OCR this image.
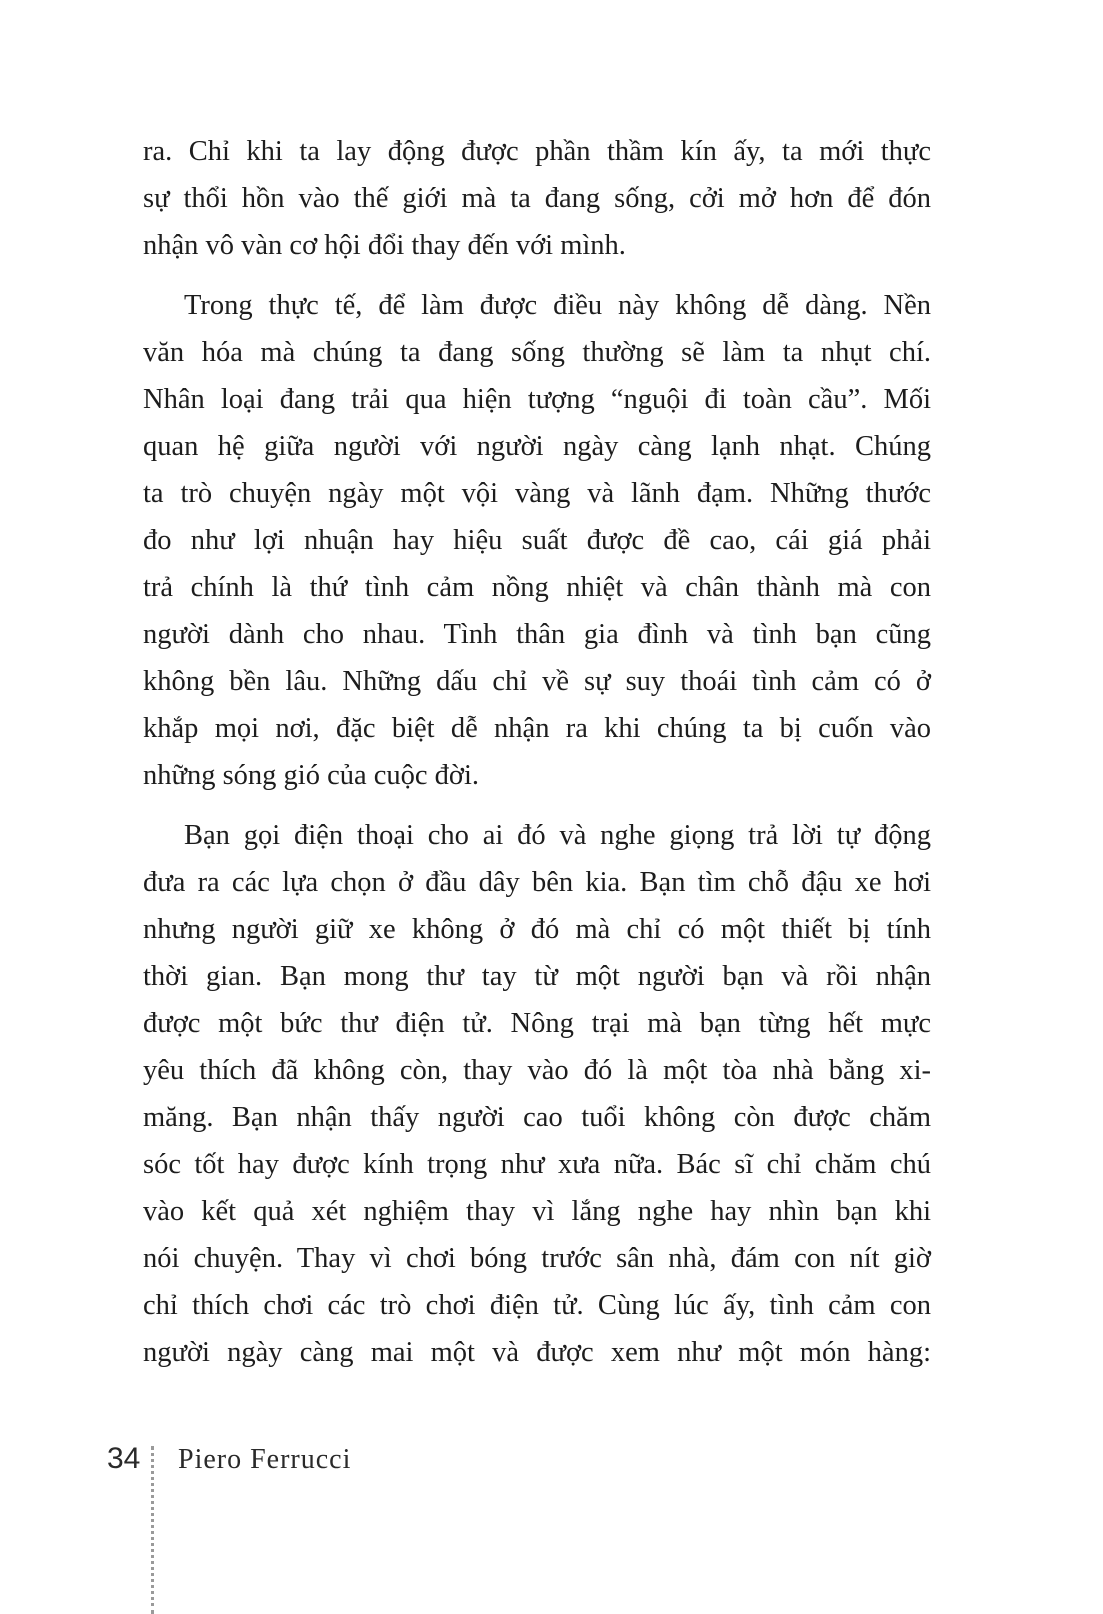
ra. Chỉ khi ta lay động được phần thầm kín ấy, ta mới thực
sự thổi hồn vào thế giới mà ta đang sống, cởi mở hơn để đón
nhận vô vàn cơ hội đổi thay đến với mình.
Trong thực tế, để làm được điều này không dễ dàng. Nền
văn hóa mà chúng ta đang sống thường sẽ làm ta nhụt chí.
Nhân loại đang trải qua hiện tượng “nguội đi toàn cầu”. Mối
quan hệ giữa người với người ngày càng lạnh nhạt. Chúng
ta trò chuyện ngày một vội vàng và lãnh đạm. Những thước
đo như lợi nhuận hay hiệu suất được đề cao, cái giá phải
trả chính là thứ tình cảm nồng nhiệt và chân thành mà con
người dành cho nhau. Tình thân gia đình và tình bạn cũng
không bền lâu. Những dấu chỉ về sự suy thoái tình cảm có ở
khắp mọi nơi, đặc biệt dễ nhận ra khi chúng ta bị cuốn vào
những sóng gió của cuộc đời.
Bạn gọi điện thoại cho ai đó và nghe giọng trả lời tự động
đưa ra các lựa chọn ở đầu dây bên kia. Bạn tìm chỗ đậu xe hơi
nhưng người giữ xe không ở đó mà chỉ có một thiết bị tính
thời gian. Bạn mong thư tay từ một người bạn và rồi nhận
được một bức thư điện tử. Nông trại mà bạn từng hết mực
yêu thích đã không còn, thay vào đó là một tòa nhà bằng xi-
măng. Bạn nhận thấy người cao tuổi không còn được chăm
sóc tốt hay được kính trọng như xưa nữa. Bác sĩ chỉ chăm chú
vào kết quả xét nghiệm thay vì lắng nghe hay nhìn bạn khi
nói chuyện. Thay vì chơi bóng trước sân nhà, đám con nít giờ
chỉ thích chơi các trò chơi điện tử. Cùng lúc ấy, tình cảm con
người ngày càng mai một và được xem như một món hàng:
34 Piero Ferrucci
